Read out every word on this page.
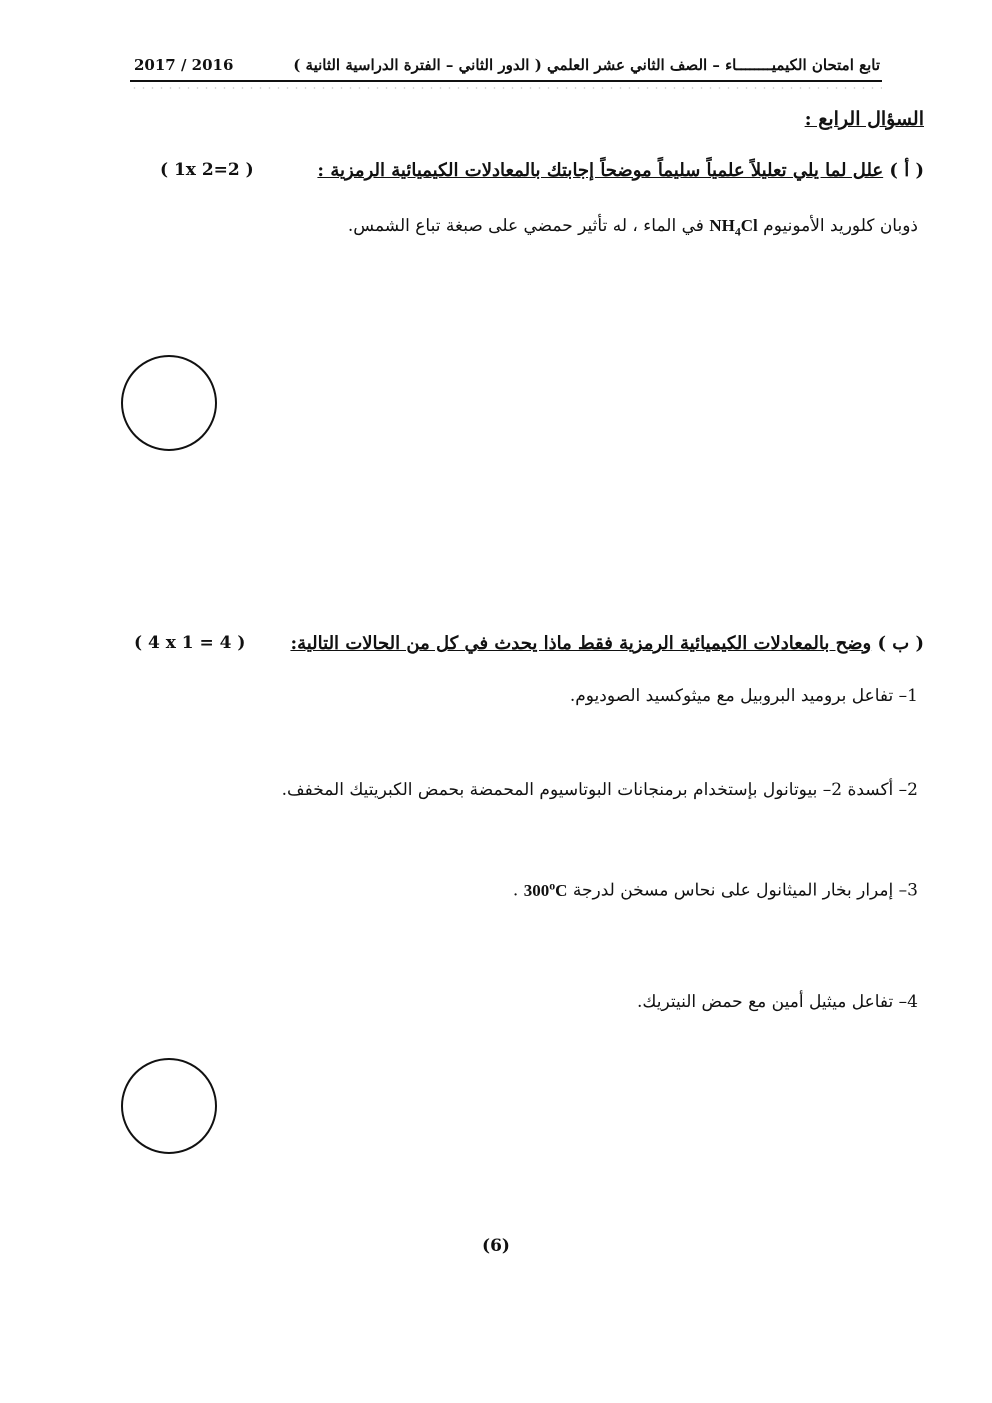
تابع امتحان الكيميــــــــاء – الصف الثاني عشر العلمي ( الدور الثاني – الفترة الدراسية الثانية )
2017 / 2016
السؤال الرابع :
( أ ) علل لما يلي تعليلاً علمياً سليماً موضحاً إجابتك بالمعادلات الكيميائية الرمزية :
( 1x 2=2 )
ذوبان كلوريد الأمونيوم $NH_4Cl$ في الماء ، له تأثير حمضي على صبغة تباع الشمس.
( ب ) وضح بالمعادلات الكيميائية الرمزية فقط ماذا يحدث في كل من الحالات التالية:
( 4 x 1 = 4 )
1– تفاعل بروميد البروبيل مع ميثوكسيد الصوديوم.
2– أكسدة 2– بيوتانول بإستخدام برمنجانات البوتاسيوم المحمضة بحمض الكبريتيك المخفف.
3– إمرار بخار الميثانول على نحاس مسخن لدرجة 300$^o$C .
4– تفاعل ميثيل أمين مع حمض النيتريك.
(6)
